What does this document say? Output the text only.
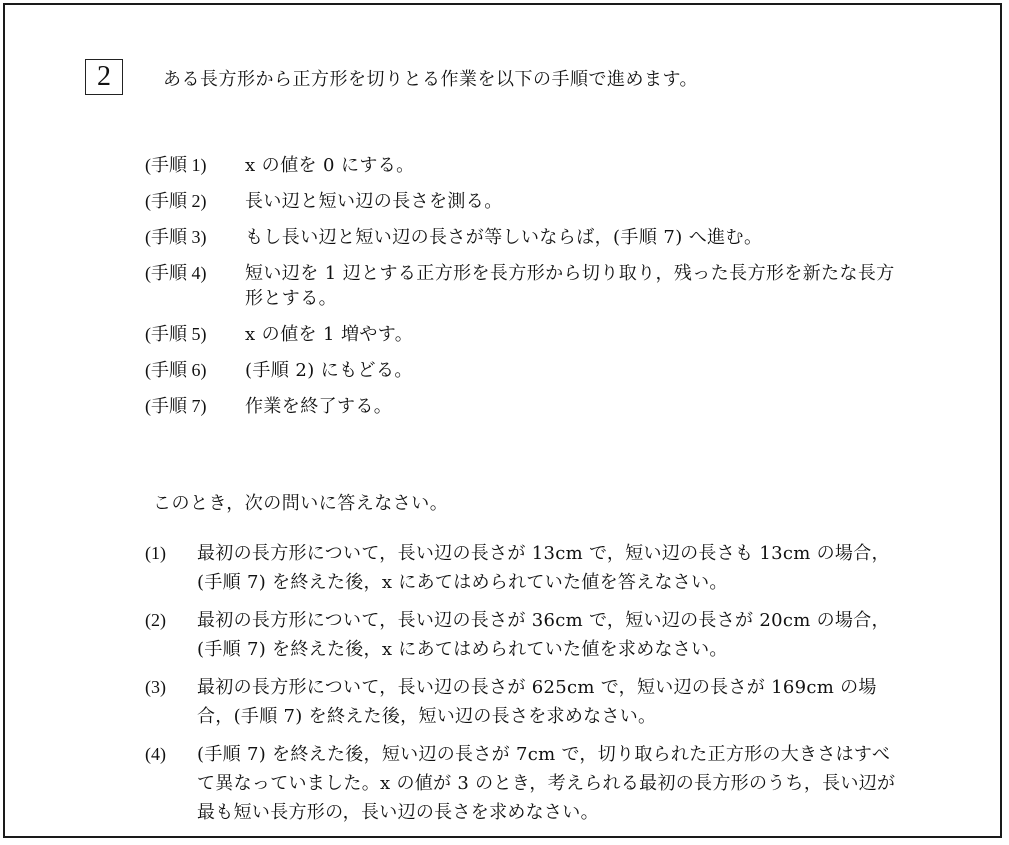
2	ある長方形から正方形を切りとる作業を以下の手順で進めます。
(手順 1)	x の値を 0 にする。
(手順 2)	長い辺と短い辺の長さを測る。
(手順 3)	もし長い辺と短い辺の長さが等しいならば，(手順 7) へ進む。
(手順 4)	短い辺を 1 辺とする正方形を長方形から切り取り，残った長方形を新たな長方形とする。
(手順 5)	x の値を 1 増やす。
(手順 6)	(手順 2) にもどる。
(手順 7)	作業を終了する。
このとき，次の問いに答えなさい。
(1)	最初の長方形について，長い辺の長さが 13cm で，短い辺の長さも 13cm の場合，(手順 7) を終えた後，x にあてはめられていた値を答えなさい。
(2)	最初の長方形について，長い辺の長さが 36cm で，短い辺の長さが 20cm の場合，(手順 7) を終えた後，x にあてはめられていた値を求めなさい。
(3)	最初の長方形について，長い辺の長さが 625cm で，短い辺の長さが 169cm の場合，(手順 7) を終えた後，短い辺の長さを求めなさい。
(4)	(手順 7) を終えた後，短い辺の長さが 7cm で，切り取られた正方形の大きさはすべて異なっていました。x の値が 3 のとき，考えられる最初の長方形のうち，長い辺が最も短い長方形の，長い辺の長さを求めなさい。
